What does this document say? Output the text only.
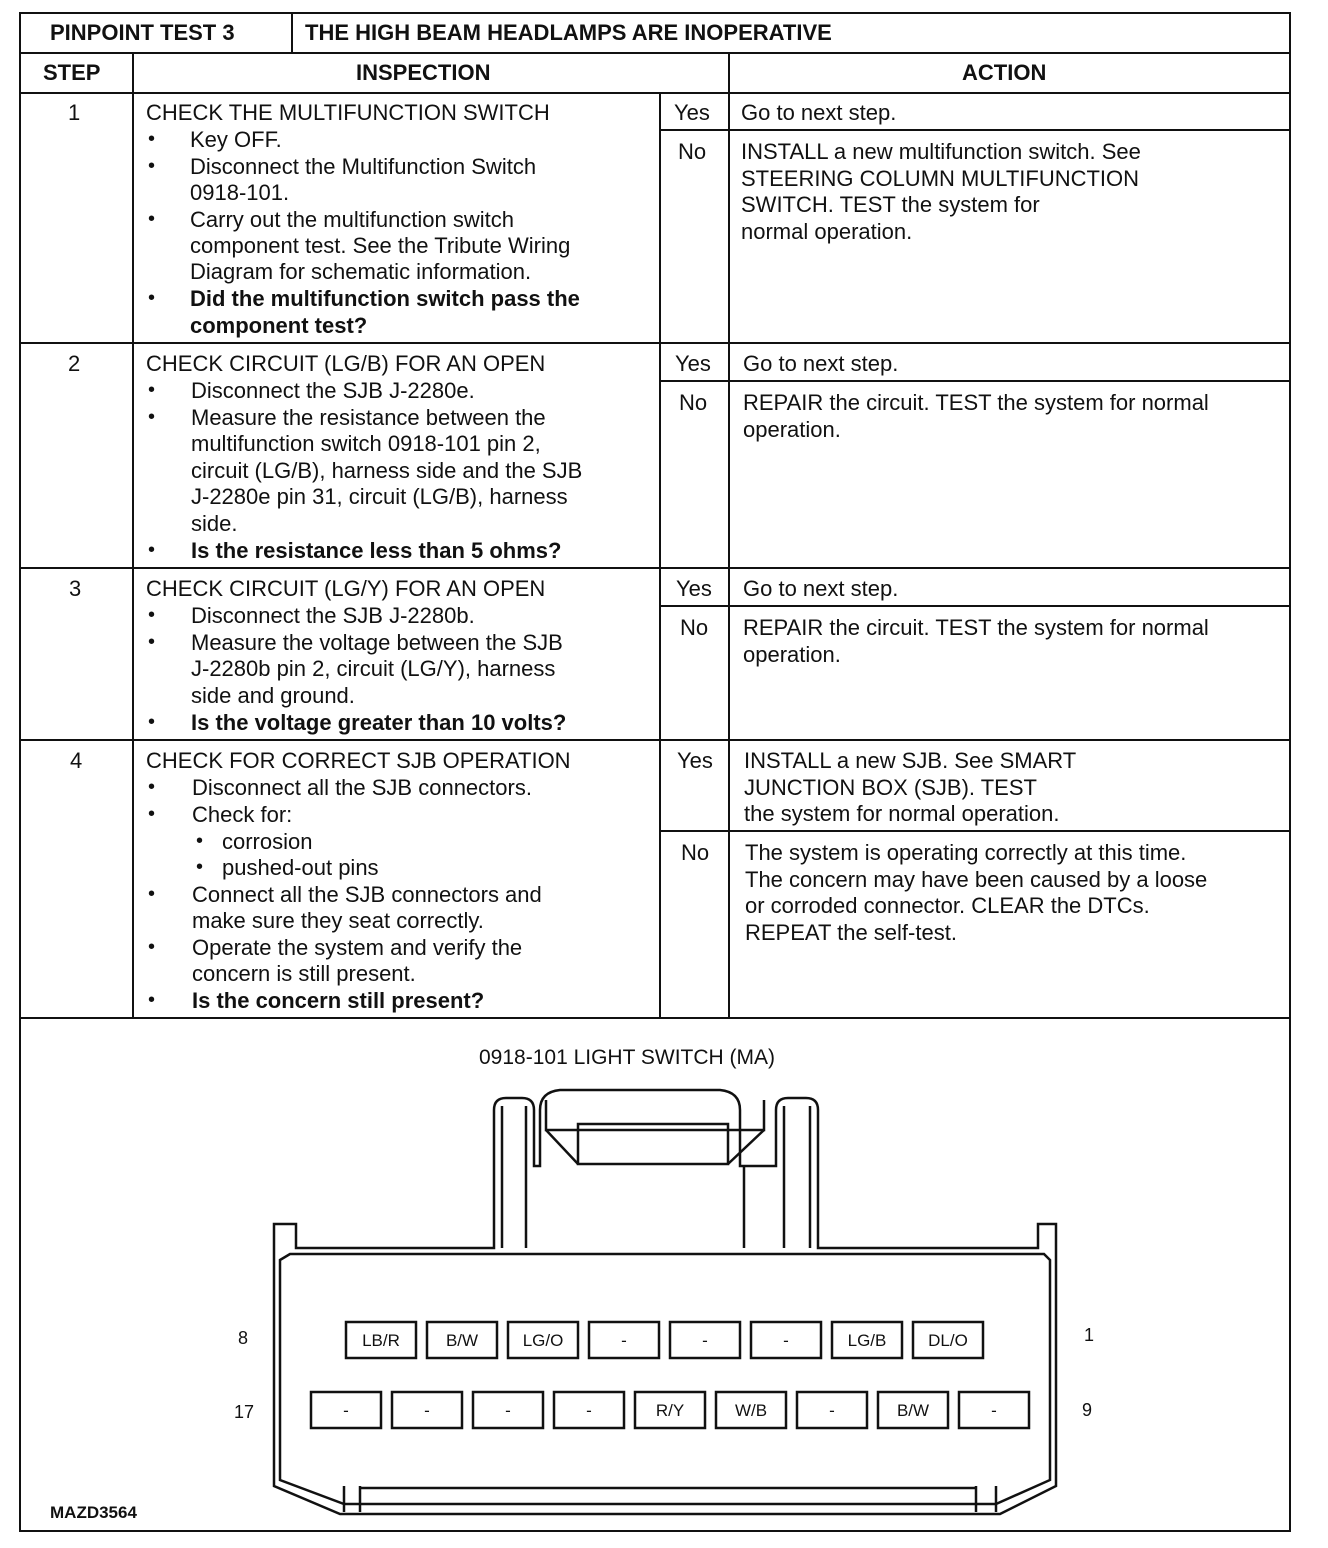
PINPOINT TEST 3	THE HIGH BEAM HEADLAMPS ARE INOPERATIVE
STEP	INSPECTION	ACTION
1	CHECK THE MULTIFUNCTION SWITCH
• Key OFF.
• Disconnect the Multifunction Switch
0918-101.
• Carry out the multifunction switch
component test. See the Tribute Wiring
Diagram for schematic information.
• Did the multifunction switch pass the
component test?
Yes Go to next step.
No INSTALL a new multifunction switch. See
STEERING COLUMN MULTIFUNCTION
SWITCH. TEST the system for
normal operation.
2	CHECK CIRCUIT (LG/B) FOR AN OPEN
• Disconnect the SJB J-2280e.
• Measure the resistance between the
multifunction switch 0918-101 pin 2,
circuit (LG/B), harness side and the SJB
J-2280e pin 31, circuit (LG/B), harness
side.
• Is the resistance less than 5 ohms?
Yes Go to next step.
No REPAIR the circuit. TEST the system for normal
operation.
3	CHECK CIRCUIT (LG/Y) FOR AN OPEN
• Disconnect the SJB J-2280b.
• Measure the voltage between the SJB
J-2280b pin 2, circuit (LG/Y), harness
side and ground.
• Is the voltage greater than 10 volts?
Yes Go to next step.
No REPAIR the circuit. TEST the system for normal
operation.
4	CHECK FOR CORRECT SJB OPERATION
• Disconnect all the SJB connectors.
• Check for:
• corrosion
• pushed-out pins
• Connect all the SJB connectors and
make sure they seat correctly.
• Operate the system and verify the
concern is still present.
• Is the concern still present?
Yes INSTALL a new SJB. See SMART
JUNCTION BOX (SJB). TEST
the system for normal operation.
No The system is operating correctly at this time.
The concern may have been caused by a loose
or corroded connector. CLEAR the DTCs.
REPEAT the self-test.
0918-101 LIGHT SWITCH (MA)
LB/R	B/W	LG/O	-	-	-	LG/B DL/O
-	-	-	-	R/Y	W/B	-	B/W	-
8	1
17	9
MAZD3564
